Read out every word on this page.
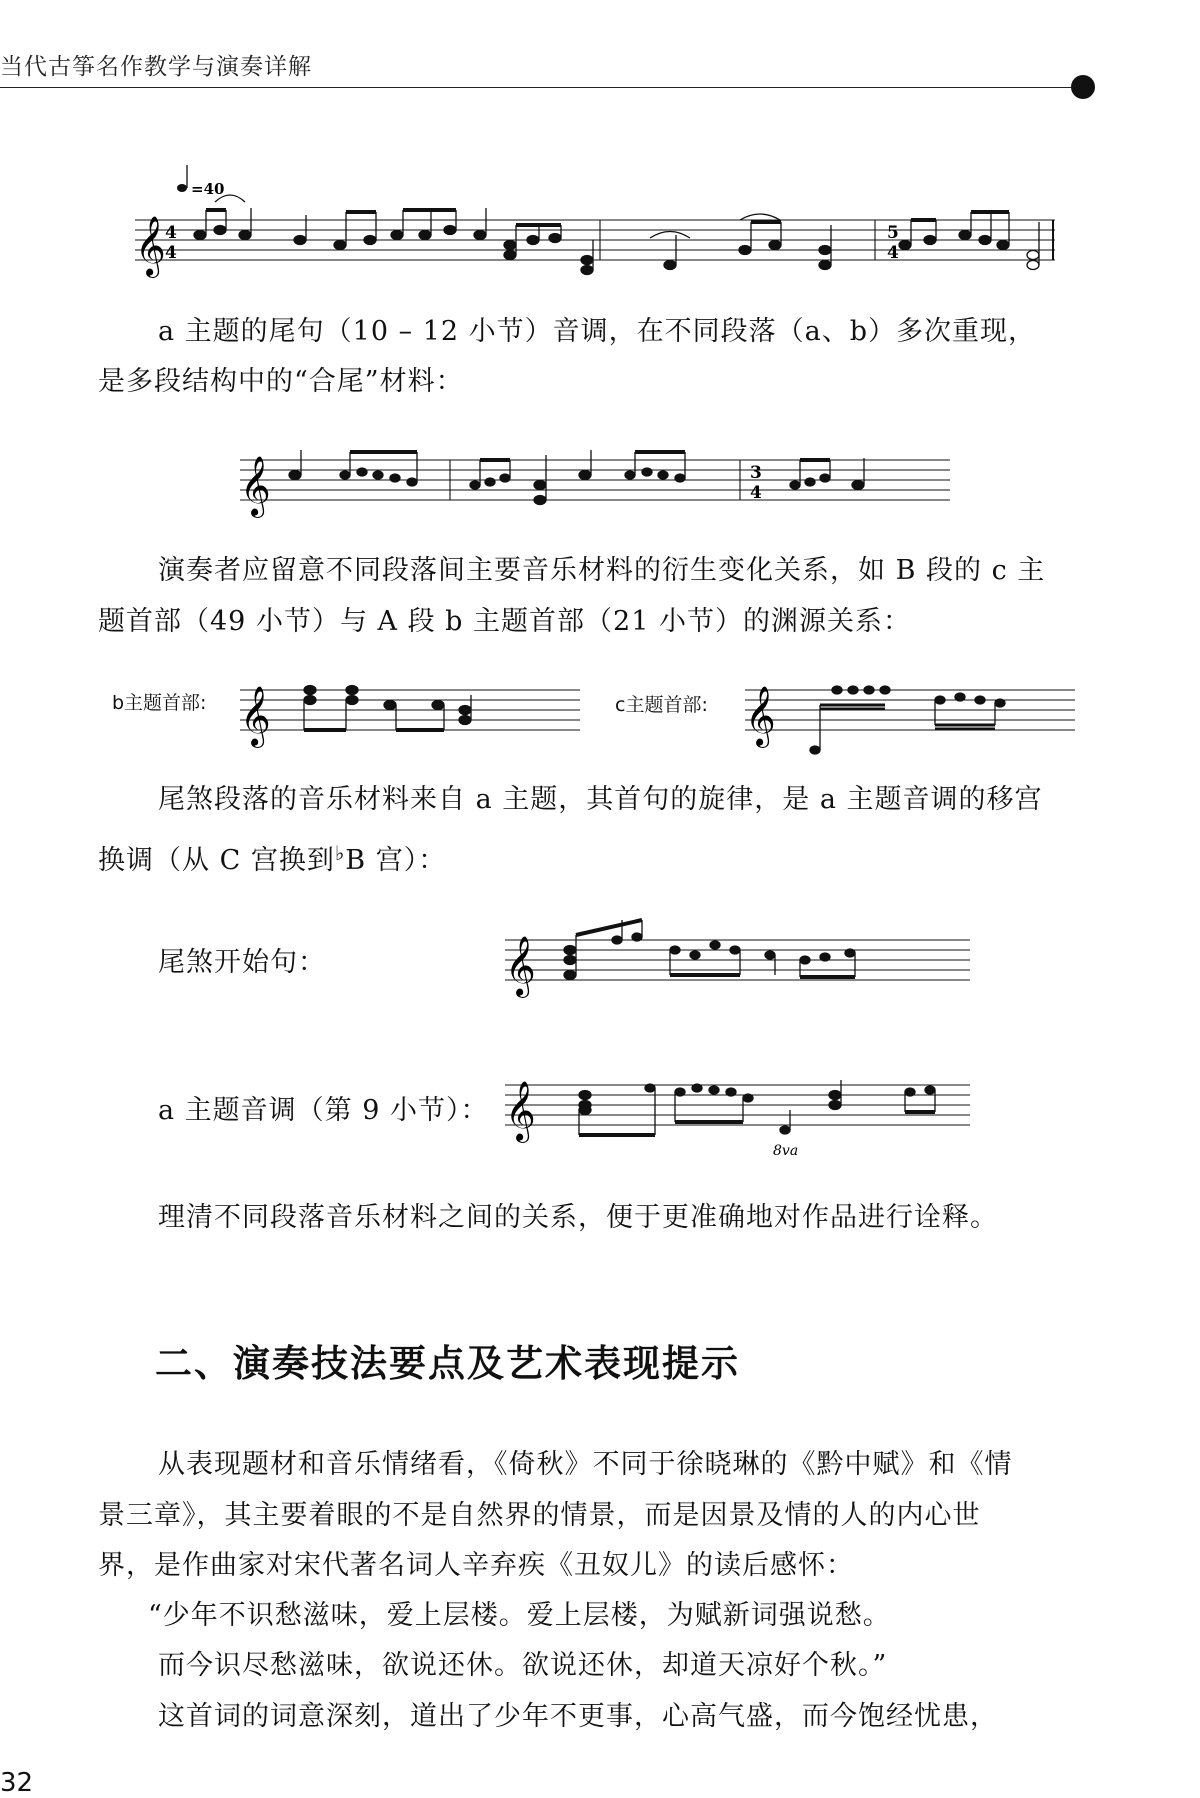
当代古筝名作教学与演奏详解
𝄞 4
4
5
4
=40
a 主题的尾句（10 – 12 小节）音调，在不同段落（a、b）多次重现，
是多段结构中的“合尾”材料：
𝄞	3
4
演奏者应留意不同段落间主要音乐材料的衍生变化关系，如 B 段的 c 主
题首部（49 小节）与 A 段 b 主题首部（21 小节）的渊源关系：
b主题首部: 𝄞	c主题首部: 𝄞
尾煞段落的音乐材料来自 a 主题，其首句的旋律，是 a 主题音调的移宫
换调（从 C 宫换到♭B 宫）：
尾煞开始句：	𝄞
a 主题音调（第 9 小节）： 𝄞
8va
理清不同段落音乐材料之间的关系，便于更准确地对作品进行诠释。
二、演奏技法要点及艺术表现提示
从表现题材和音乐情绪看，《倚秋》不同于徐晓琳的《黔中赋》和《情
景三章》，其主要着眼的不是自然界的情景，而是因景及情的人的内心世
界，是作曲家对宋代著名词人辛弃疾《丑奴儿》的读后感怀：
“少年不识愁滋味，爱上层楼。爱上层楼，为赋新词强说愁。
而今识尽愁滋味，欲说还休。欲说还休，却道天凉好个秋。”
这首词的词意深刻，道出了少年不更事，心高气盛，而今饱经忧患，
32
